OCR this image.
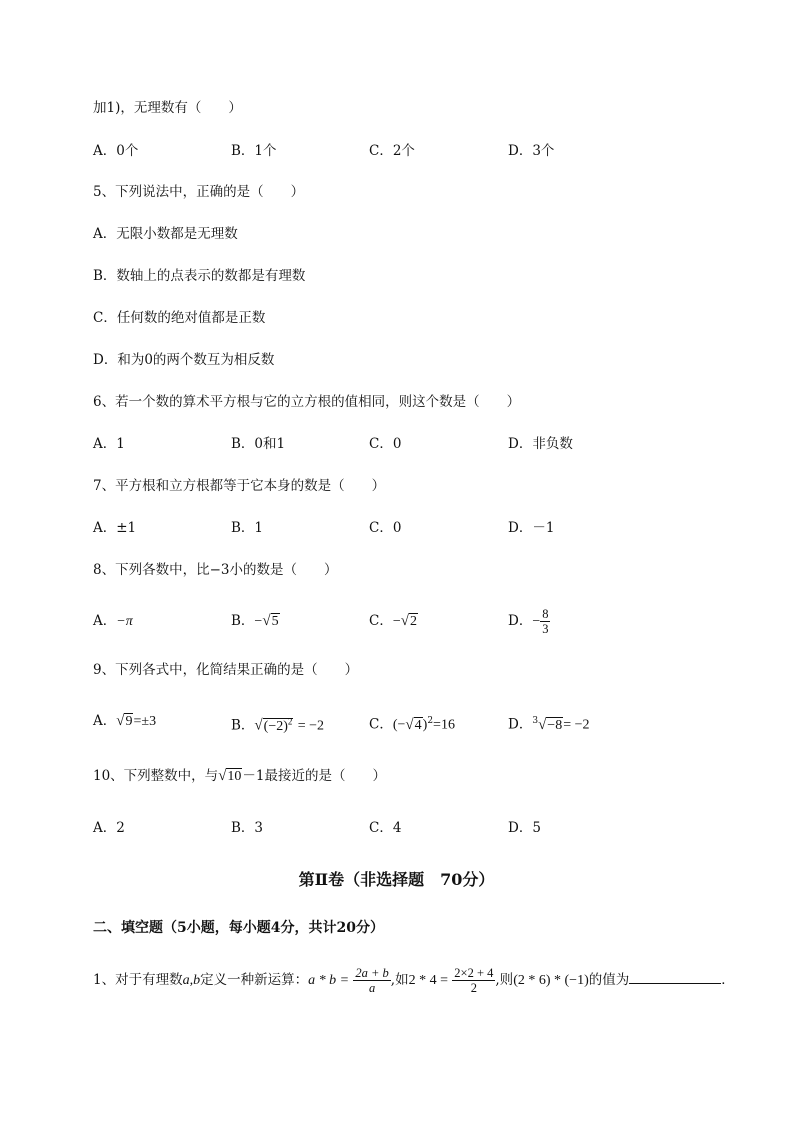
加1)，无理数有（　　）
A．0个	B．1个	C．2个	D．3个
5、下列说法中，正确的是（　　）
A．无限小数都是无理数
B．数轴上的点表示的数都是有理数
C．任何数的绝对值都是正数
D．和为0的两个数互为相反数
6、若一个数的算术平方根与它的立方根的值相同，则这个数是（　　）
A．1	B．0和1	C．0	D．非负数
7、平方根和立方根都等于它本身的数是（　　）
A．±1	B．1	C．0	D．－1
8、下列各数中，比−3小的数是（　　）
A．−π	B．−√5	C．−√2	D．− $\frac{8}{3}$
9、下列各式中，化简结果正确的是（　　）
A．√9=±3	B．$√(-2)^2 = -2$	C．$(-√4)^2=16$	D．$^3$√−8= −2
10、下列整数中，与√10－1最接近的是（　　）
A．2	B．3	C．4	D．5
第Ⅱ卷（非选择题　70分）
二、填空题（5小题，每小题4分，共计20分）
1、对于有理数a,b定义一种新运算：$a * b = \frac{2a + b}{a}$ ,如$2 * 4 = \frac{2\times 2 + 4}{2}$ ,则(2 * 6) * (−1)的值为	．
